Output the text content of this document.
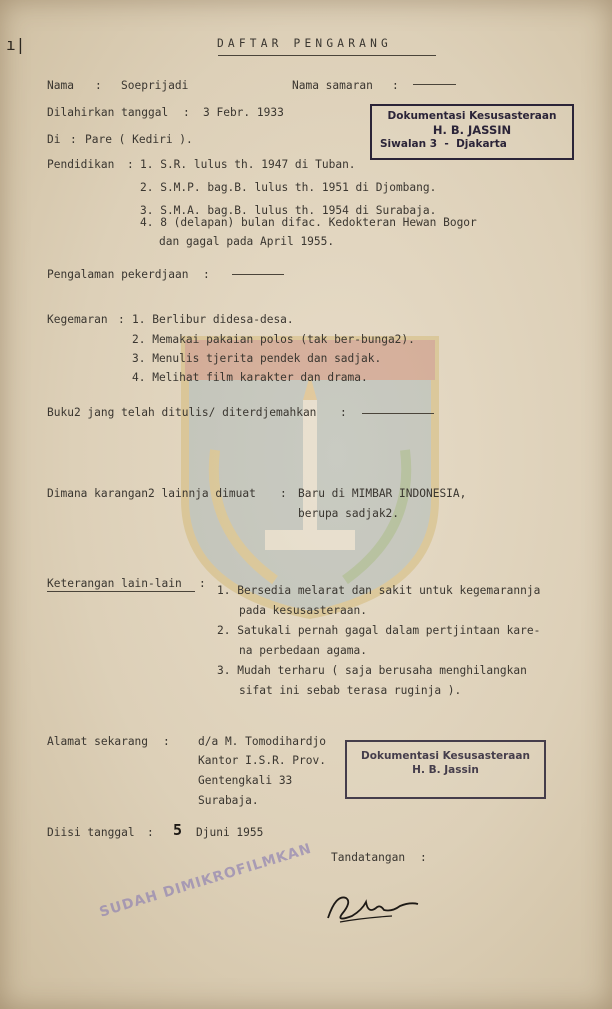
DAFTAR PENGARANG
ı|
Nama : Soeprijadi	Nama samaran :
Dilahirkan tanggal : 3 Febr. 1933
Di : Pare ( Kediri ).
Dokumentasi Kesusasteraan
H. B. JASSIN
Siwalan 3 - Djakarta
Pendidikan : 1. S.R. lulus th. 1947 di Tuban.
2. S.M.P. bag.B. lulus th. 1951 di Djombang.
3. S.M.A. bag.B. lulus th. 1954 di Surabaja.
4. 8 (delapan) bulan difac. Kedokteran Hewan Bogor
dan gagal pada April 1955.
Pengalaman pekerdjaan :
Kegemaran : 1. Berlibur didesa-desa.
2. Memakai pakaian polos (tak ber-bunga2).
3. Menulis tjerita pendek dan sadjak.
4. Melihat film karakter dan drama.
Buku2 jang telah ditulis/ diterdjemahkan :
Dimana karangan2 lainnja dimuat : Baru di MIMBAR INDONESIA,
berupa sadjak2.
Keterangan lain-lain :
1. Bersedia melarat dan sakit untuk kegemarannja
pada kesusasteraan.
2. Satukali pernah gagal dalam pertjintaan kare-
na perbedaan agama.
3. Mudah terharu ( saja berusaha menghilangkan
sifat ini sebab terasa ruginja ).
Alamat sekarang :	d/a M. Tomodihardjo
Kantor I.S.R. Prov.
Gentengkali 33
Surabaja.
Dokumentasi Kesusasteraan
H. B. Jassin
Diisi tanggal : 5 Djuni 1955
Tandatangan :
SUDAH DIMIKROFILMKAN
